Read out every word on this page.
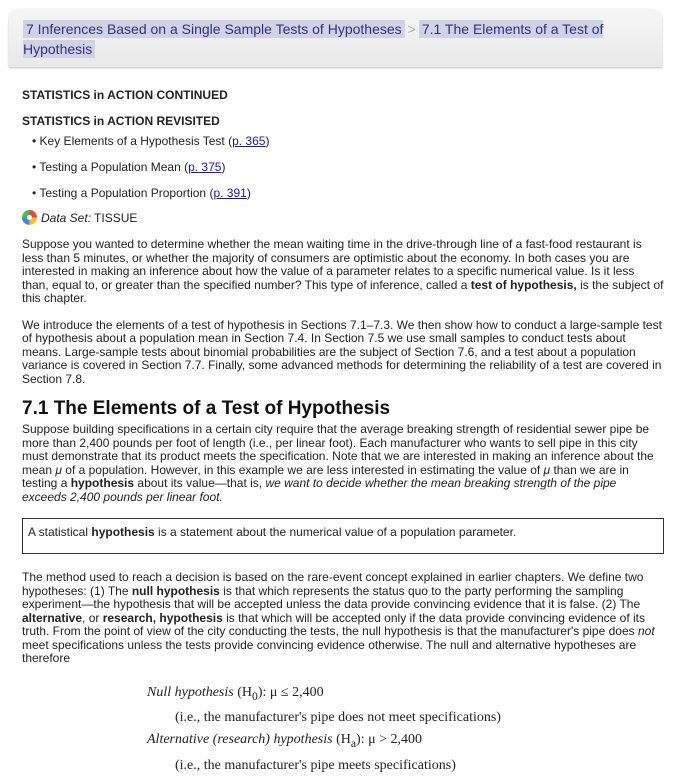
7 Inferences Based on a Single Sample Tests of Hypotheses > 7.1 The Elements of a Test of Hypothesis
STATISTICS in ACTION CONTINUED
STATISTICS in ACTION REVISITED
• Key Elements of a Hypothesis Test (p. 365)
• Testing a Population Mean (p. 375)
• Testing a Population Proportion (p. 391)
Data Set: TISSUE

Suppose you wanted to determine whether the mean waiting time in the drive-through line of a fast-food restaurant is less than 5 minutes, or whether the majority of consumers are optimistic about the economy. In both cases you are interested in making an inference about how the value of a parameter relates to a specific numerical value. Is it less than, equal to, or greater than the specified number? This type of inference, called a test of hypothesis, is the subject of this chapter.

We introduce the elements of a test of hypothesis in Sections 7.1–7.3. We then show how to conduct a large-sample test of hypothesis about a population mean in Section 7.4. In Section 7.5 we use small samples to conduct tests about means. Large-sample tests about binomial probabilities are the subject of Section 7.6, and a test about a population variance is covered in Section 7.7. Finally, some advanced methods for determining the reliability of a test are covered in Section 7.8.

7.1 The Elements of a Test of Hypothesis

Suppose building specifications in a certain city require that the average breaking strength of residential sewer pipe be more than 2,400 pounds per foot of length (i.e., per linear foot). Each manufacturer who wants to sell pipe in this city must demonstrate that its product meets the specification. Note that we are interested in making an inference about the mean μ of a population. However, in this example we are less interested in estimating the value of μ than we are in testing a hypothesis about its value—that is, we want to decide whether the mean breaking strength of the pipe exceeds 2,400 pounds per linear foot.

A statistical hypothesis is a statement about the numerical value of a population parameter.

The method used to reach a decision is based on the rare-event concept explained in earlier chapters. We define two hypotheses: (1) The null hypothesis is that which represents the status quo to the party performing the sampling experiment—the hypothesis that will be accepted unless the data provide convincing evidence that it is false. (2) The alternative, or research, hypothesis is that which will be accepted only if the data provide convincing evidence of its truth. From the point of view of the city conducting the tests, the null hypothesis is that the manufacturer's pipe does not meet specifications unless the tests provide convincing evidence otherwise. The null and alternative hypotheses are therefore

Null hypothesis $(H_0)$: μ ≤ 2,400
(i.e., the manufacturer's pipe does not meet specifications)
Alternative (research) hypothesis $(H_a)$: μ > 2,400
(i.e., the manufacturer's pipe meets specifications)
